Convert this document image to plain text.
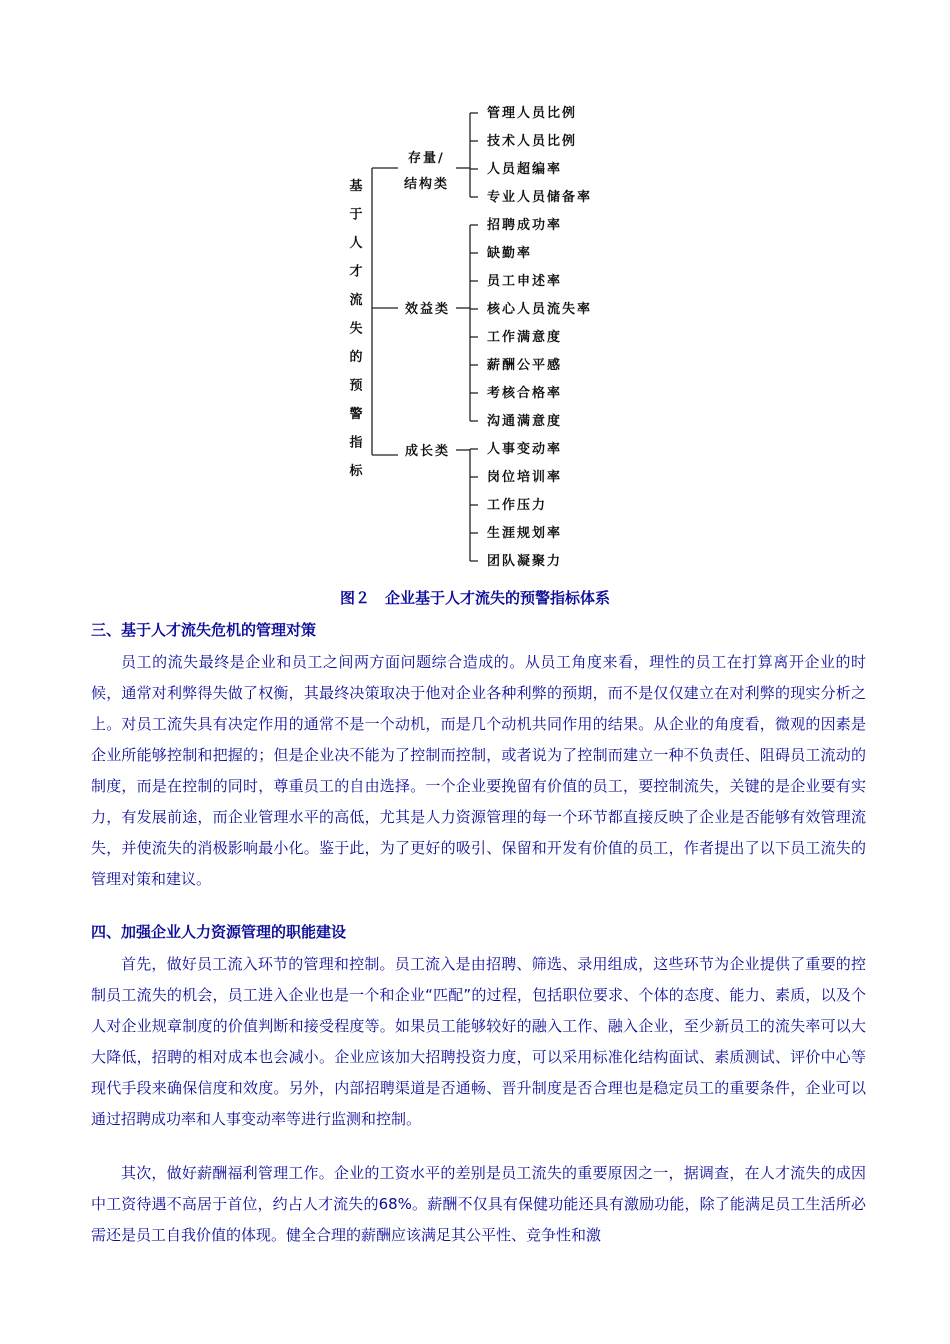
基于人才流失的预警指标
存量/
结构类
效益类
成长类
管理人员比例
技术人员比例
人员超编率
专业人员储备率
招聘成功率
缺勤率
员工申述率
核心人员流失率
工作满意度
薪酬公平感
考核合格率
沟通满意度
人事变动率
岗位培训率
工作压力
生涯规划率
团队凝聚力
图２　企业基于人才流失的预警指标体系
三、基于人才流失危机的管理对策

员工的流失最终是企业和员工之间两方面问题综合造成的。从员工角度来看，理性的员工在打算离开企业的时候，通常对利弊得失做了权衡，其最终决策取决于他对企业各种利弊的预期，而不是仅仅建立在对利弊的现实分析之上。对员工流失具有决定作用的通常不是一个动机，而是几个动机共同作用的结果。从企业的角度看，微观的因素是企业所能够控制和把握的；但是企业决不能为了控制而控制，或者说为了控制而建立一种不负责任、阻碍员工流动的制度，而是在控制的同时，尊重员工的自由选择。一个企业要挽留有价值的员工，要控制流失，关键的是企业要有实力，有发展前途，而企业管理水平的高低，尤其是人力资源管理的每一个环节都直接反映了企业是否能够有效管理流失，并使流失的消极影响最小化。鉴于此，为了更好的吸引、保留和开发有价值的员工，作者提出了以下员工流失的管理对策和建议。

四、加强企业人力资源管理的职能建设

首先，做好员工流入环节的管理和控制。员工流入是由招聘、筛选、录用组成，这些环节为企业提供了重要的控制员工流失的机会，员工进入企业也是一个和企业“匹配”的过程，包括职位要求、个体的态度、能力、素质，以及个人对企业规章制度的价值判断和接受程度等。如果员工能够较好的融入工作、融入企业，至少新员工的流失率可以大大降低，招聘的相对成本也会减小。企业应该加大招聘投资力度，可以采用标准化结构面试、素质测试、评价中心等现代手段来确保信度和效度。另外，内部招聘渠道是否通畅、晋升制度是否合理也是稳定员工的重要条件，企业可以通过招聘成功率和人事变动率等进行监测和控制。

其次，做好薪酬福利管理工作。企业的工资水平的差别是员工流失的重要原因之一，据调查，在人才流失的成因中工资待遇不高居于首位，约占人才流失的68%。薪酬不仅具有保健功能还具有激励功能，除了能满足员工生活所必需还是员工自我价值的体现。健全合理的薪酬应该满足其公平性、竞争性和激
